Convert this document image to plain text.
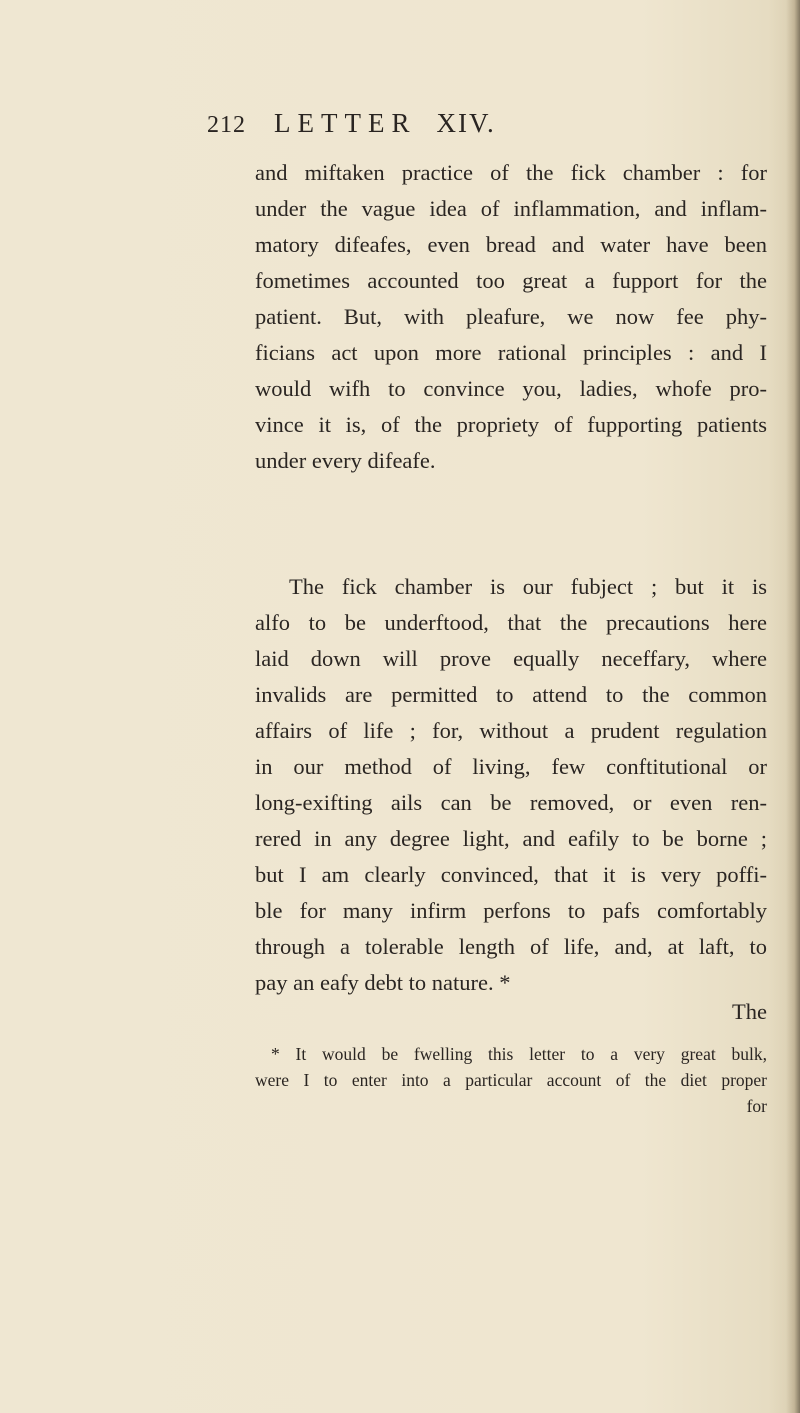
212 LETTER XIV.
and miftaken practice of the fick chamber : for
under the vague idea of inflammation, and inflam-
matory difeafes, even bread and water have been
fometimes accounted too great a fupport for the
patient. But, with pleafure, we now fee phy-
ficians act upon more rational principles : and I
would wifh to convince you, ladies, whofe pro-
vince it is, of the propriety of fupporting patients
under every difeafe.
The fick chamber is our fubject ; but it is
alfo to be underftood, that the precautions here
laid down will prove equally neceffary, where
invalids are permitted to attend to the common
affairs of life ; for, without a prudent regulation
in our method of living, few conftitutional or
long-exifting ails can be removed, or even ren-
rered in any degree light, and eafily to be borne ;
but I am clearly convinced, that it is very poffi-
ble for many infirm perfons to pafs comfortably
through a tolerable length of life, and, at laft, to
pay an eafy debt to nature. *
The
* It would be fwelling this letter to a very great bulk,
were I to enter into a particular account of the diet proper
for
